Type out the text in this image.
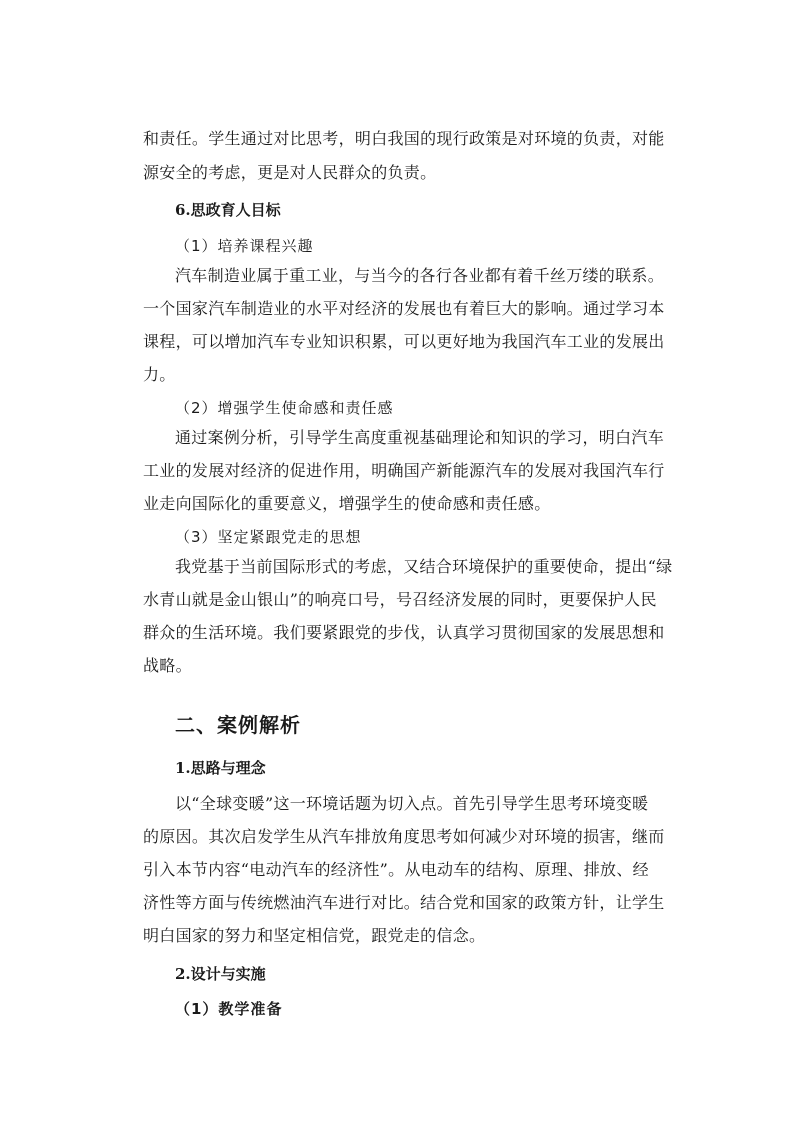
和责任。学生通过对比思考，明白我国的现行政策是对环境的负责，对能
源安全的考虑，更是对人民群众的负责。
6.思政育人目标
（1）培养课程兴趣
汽车制造业属于重工业，与当今的各行各业都有着千丝万缕的联系。
一个国家汽车制造业的水平对经济的发展也有着巨大的影响。通过学习本
课程，可以增加汽车专业知识积累，可以更好地为我国汽车工业的发展出
力。
（2）增强学生使命感和责任感
通过案例分析，引导学生高度重视基础理论和知识的学习，明白汽车
工业的发展对经济的促进作用，明确国产新能源汽车的发展对我国汽车行
业走向国际化的重要意义，增强学生的使命感和责任感。
（3）坚定紧跟党走的思想
我党基于当前国际形式的考虑，又结合环境保护的重要使命，提出“绿
水青山就是金山银山”的响亮口号，号召经济发展的同时，更要保护人民
群众的生活环境。我们要紧跟党的步伐，认真学习贯彻国家的发展思想和
战略。
二、案例解析
1.思路与理念
以“全球变暖”这一环境话题为切入点。首先引导学生思考环境变暖
的原因。其次启发学生从汽车排放角度思考如何减少对环境的损害，继而
引入本节内容“电动汽车的经济性”。从电动车的结构、原理、排放、经
济性等方面与传统燃油汽车进行对比。结合党和国家的政策方针，让学生
明白国家的努力和坚定相信党，跟党走的信念。
2.设计与实施
（1）教学准备
